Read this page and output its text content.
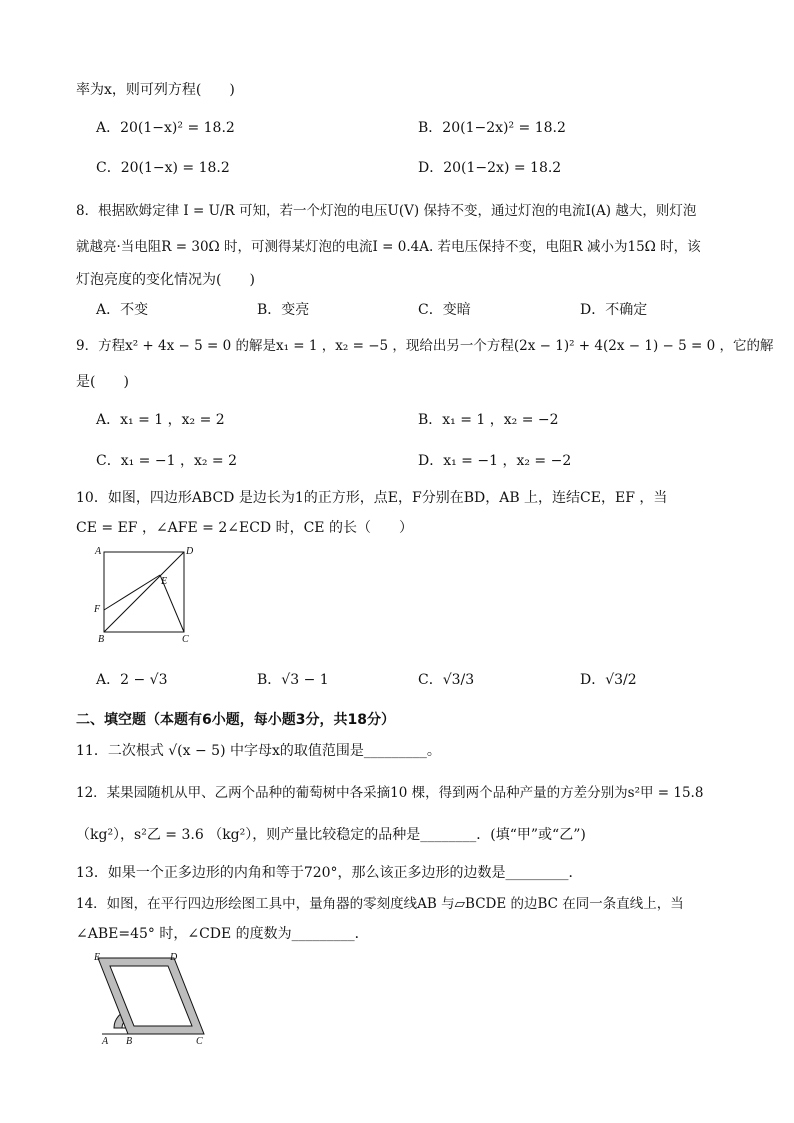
率为x，则可列方程(　　)
A．20(1−x)² = 18.2	B．20(1−2x)² = 18.2
C．20(1−x) = 18.2	D．20(1−2x) = 18.2
8．根据欧姆定律 I = U/R 可知，若一个灯泡的电压U(V) 保持不变，通过灯泡的电流I(A) 越大，则灯泡
就越亮·当电阻R = 30Ω 时，可测得某灯泡的电流I = 0.4A. 若电压保持不变，电阻R 减小为15Ω 时，该
灯泡亮度的变化情况为(　　)
A．不变	B．变亮	C．变暗	D．不确定
9．方程x² + 4x − 5 = 0 的解是x₁ = 1 ，x₂ = −5 ，现给出另一个方程(2x − 1)² + 4(2x − 1) − 5 = 0 ，它的解
是(　　)
A．x₁ = 1 ，x₂ = 2	B．x₁ = 1 ，x₂ = −2
C．x₁ = −1 ，x₂ = 2	D．x₁ = −1 ，x₂ = −2
10．如图，四边形ABCD 是边长为1的正方形，点E，F分别在BD，AB 上，连结CE，EF ，当
CE = EF ，∠AFE = 2∠ECD 时，CE 的长（　　）
A	D
E
F
B	C
A．2 − √3	B．√3 − 1	C．√3/3	D．√3/2
二、填空题（本题有6小题，每小题3分，共18分）
11．二次根式 √(x − 5) 中字母x的取值范围是_________。
12．某果园随机从甲、乙两个品种的葡萄树中各采摘10 棵，得到两个品种产量的方差分别为s²甲 = 15.8
（kg²），s²乙 = 3.6 （kg²），则产量比较稳定的品种是________．(填“甲”或“乙”)
13．如果一个正多边形的内角和等于720°，那么该正多边形的边数是_________．
14．如图，在平行四边形绘图工具中，量角器的零刻度线AB 与▱BCDE 的边BC 在同一条直线上，当
∠ABE=45° 时，∠CDE 的度数为_________．
E	D
A B	C
